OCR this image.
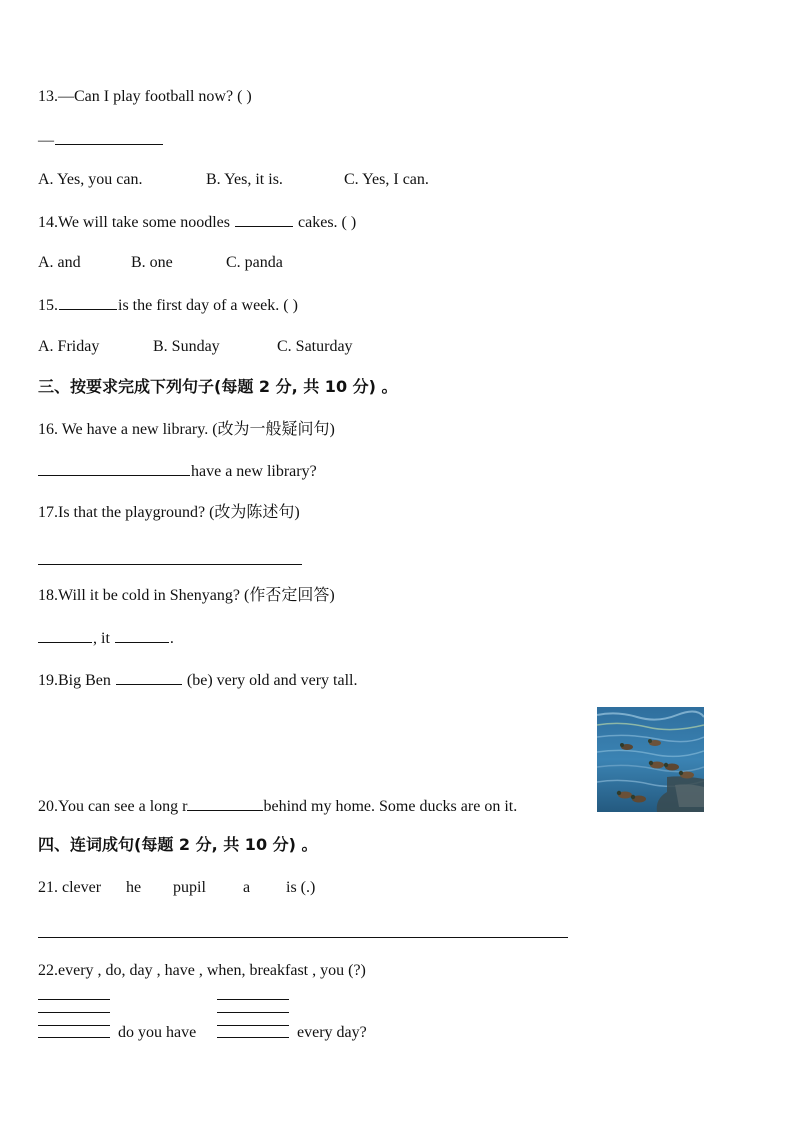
13.—Can I play football now? ( )
—
A. Yes, you can.	B. Yes, it is.	C. Yes, I can.
14.We will take some noodles	cakes. ( )
A. and	B. one	C. panda
15.	is the first day of a week. ( )
A. Friday	B. Sunday	C. Saturday
三、按要求完成下列句子(每题 2 分, 共 10 分) 。
16. We have a new library. (改为一般疑问句)
have a new library?
17.Is that the playground? (改为陈述句)
18.Will it be cold in Shenyang? (作否定回答)
, it	.
19.Big Ben	(be) very old and very tall.
20.You can see a long r	behind my home. Some ducks are on it.
四、连词成句(每题 2 分, 共 10 分) 。
21. clever he pupil a is (.)
22.every , do, day , have , when, breakfast , you (?)
do you have	every day?
